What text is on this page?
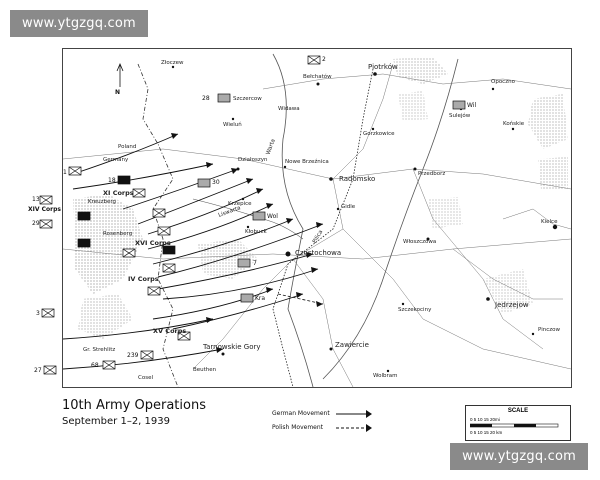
www.ytgzgq.com
Złoczew
Bełchatów
Piotrków
Sulejów
Opoczno
Końskie
Szczercow
Widawa
Wieluń
Działoszyn	Nowe Brzeźnica
Radomsko
Gorzkowice
Przedborz
Krzepice
Kłobuck
Gidle
Częstochowa
Włoszczowa
Kielce
Szczekociny
Jedrzejow
Pinczow
Zawiercie
Wolbram
Tarnowskie Gory
Beuthen
Kreuzberg
Rosenberg
Poland
Germany
Warta
Liswarta
Pilica
Gr. Strehlitz
Cosel
XI Corps
XVI Corps
IV Corps
XV Corps
N
1
18
2
28
30
7
239
68
Wil
Wol
Kra
13
XIV Corps
29
3
27
10th Army Operations
September 1–2, 1939
German Movement
Polish Movement
SCALE
0 5 10 15 20mi
0 5 10 15 20 km
www.ytgzgq.com
